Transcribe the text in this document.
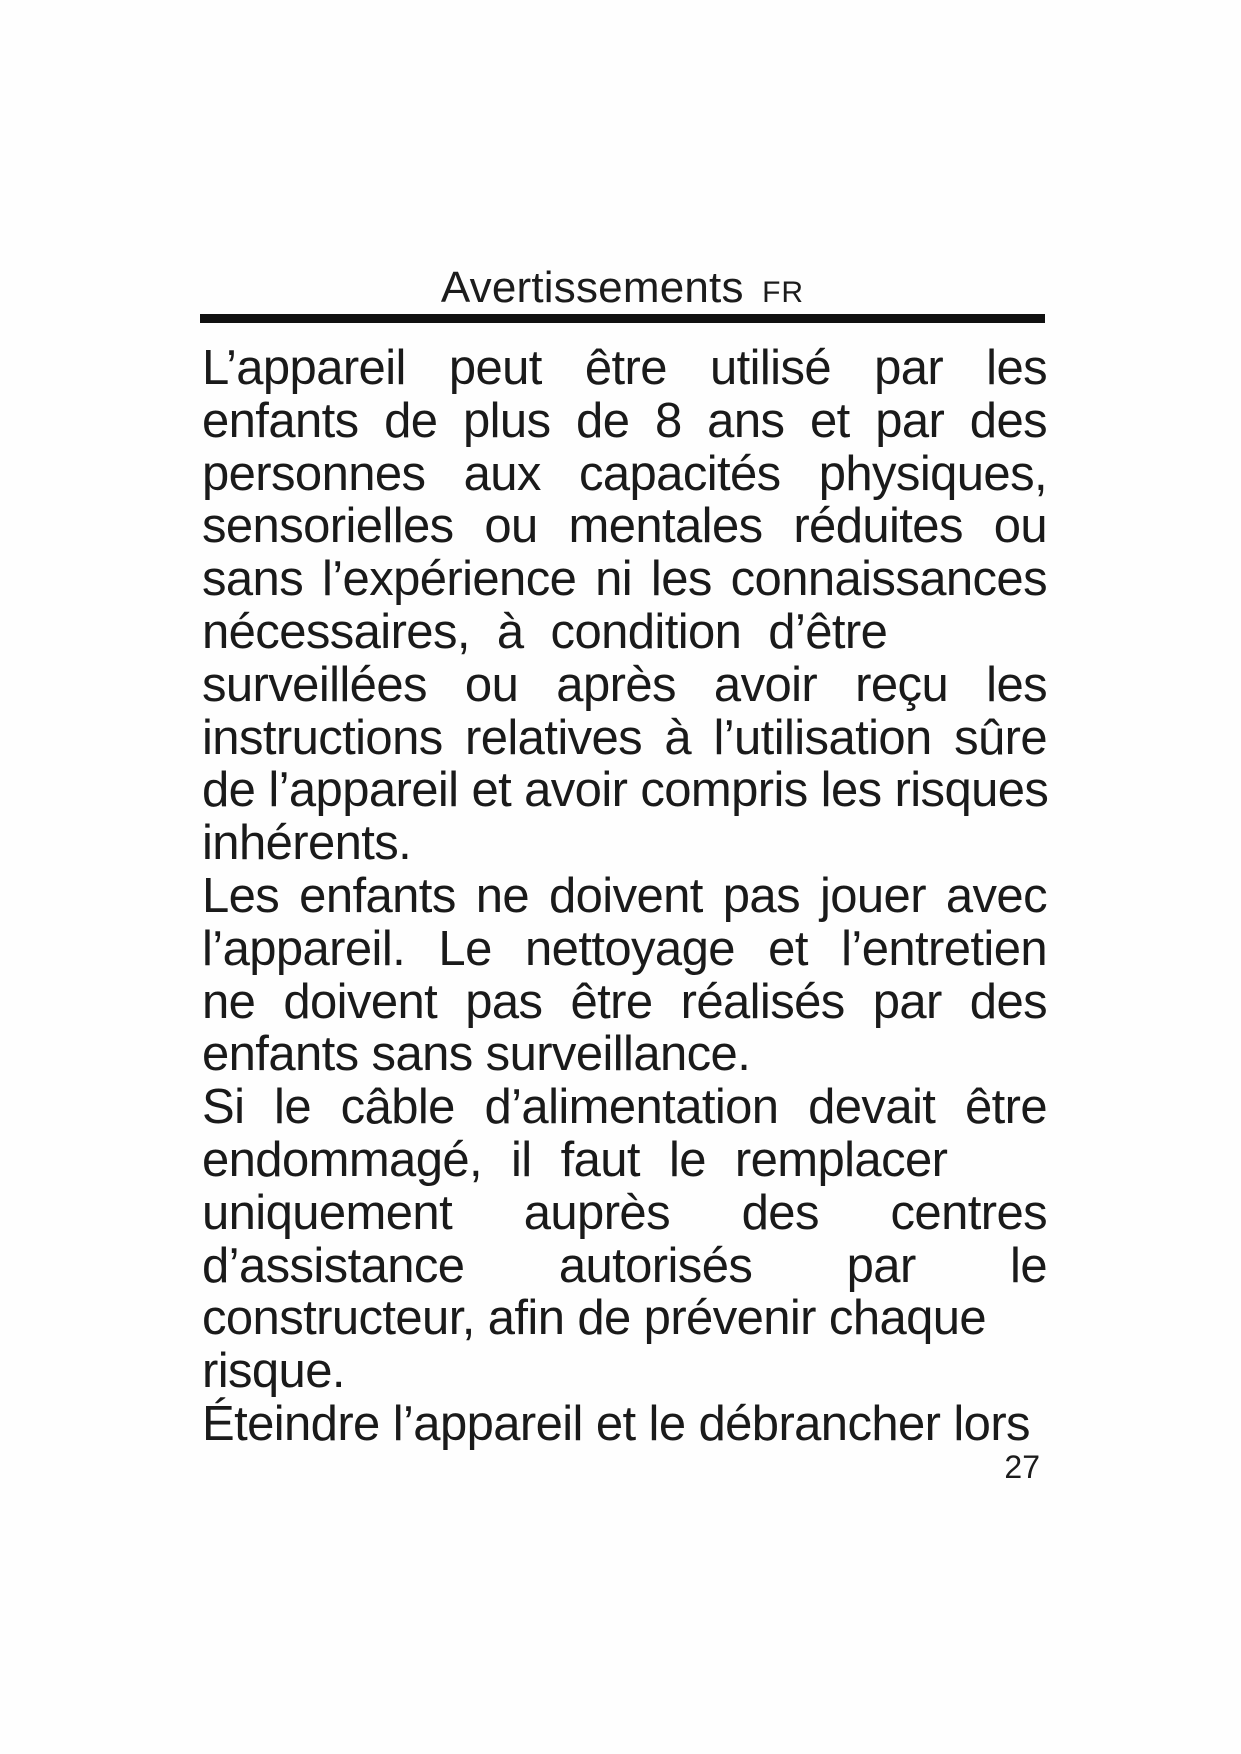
Avertissements FR
L’appareil peut être utilisé par les
enfants de plus de 8 ans et par des
personnes aux capacités physiques,
sensorielles ou mentales réduites ou
sans l’expérience ni les connaissances
nécessaires, à condition d’être
surveillées ou après avoir reçu les
instructions relatives à l’utilisation sûre
de l’appareil et avoir compris les risques
inhérents.
Les enfants ne doivent pas jouer avec
l’appareil. Le nettoyage et l’entretien
ne doivent pas être réalisés par des
enfants sans surveillance.
Si le câble d’alimentation devait être
endommagé, il faut le remplacer
uniquement auprès des centres
d’assistance autorisés par le
constructeur, afin de prévenir chaque
risque.
Éteindre l’appareil et le débrancher lors
27
